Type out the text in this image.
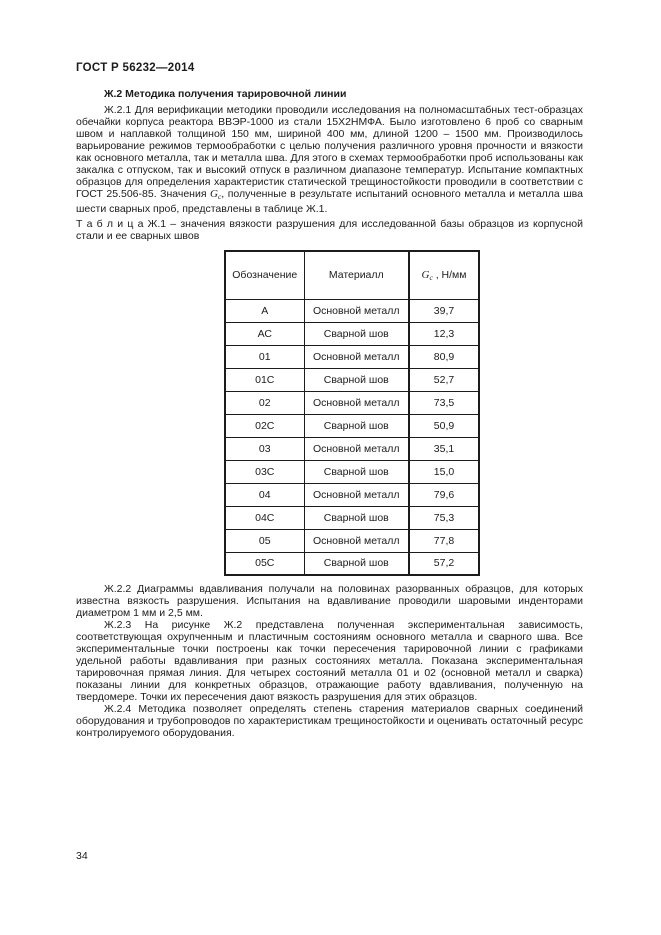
ГОСТ Р 56232—2014
Ж.2 Методика получения тарировочной линии

Ж.2.1 Для верификации методики проводили исследования на полномасштабных тест-образцах обечайки корпуса реактора ВВЭР-1000 из стали 15Х2НМФА. Было изготовлено 6 проб со сварным швом и наплавкой толщиной 150 мм, шириной 400 мм, длиной 1200 – 1500 мм. Производилось варьирование режимов термообработки с целью получения различного уровня прочности и вязкости как основного металла, так и металла шва. Для этого в схемах термообработки проб использованы как закалка с отпуском, так и высокий отпуск в различном диапазоне температур. Испытание компактных образцов для определения характеристик статической трещиностойкости проводили в соответствии с ГОСТ 25.506-85. Значения $G_с$, полученные в результате испытаний основного металла и металла шва шести сварных проб, представлены в таблице Ж.1.

Т а б л и ц а Ж.1 – значения вязкости разрушения для исследованной базы образцов из корпусной стали и ее сварных швов

Обозначение	Материалл	$G_с$ , Н/мм
А	Основной металл	39,7
АС	Сварной шов	12,3
01	Основной металл	80,9
01С	Сварной шов	52,7
02	Основной металл	73,5
02С	Сварной шов	50,9
03	Основной металл	35,1
03С	Сварной шов	15,0
04	Основной металл	79,6
04С	Сварной шов	75,3
05	Основной металл	77,8
05С	Сварной шов	57,2

Ж.2.2 Диаграммы вдавливания получали на половинах разорванных образцов, для которых известна вязкость разрушения. Испытания на вдавливание проводили шаровыми инденторами диаметром 1 мм и 2,5 мм.

Ж.2.3 На рисунке Ж.2 представлена полученная экспериментальная зависимость, соответствующая охрупченным и пластичным состояниям основного металла и сварного шва. Все экспериментальные точки построены как точки пересечения тарировочной линии с графиками удельной работы вдавливания при разных состояниях металла. Показана экспериментальная тарировочная прямая линия. Для четырех состояний металла 01 и 02 (основной металл и сварка) показаны линии для конкретных образцов, отражающие работу вдавливания, полученную на твердомере. Точки их пересечения дают вязкость разрушения для этих образцов.

Ж.2.4 Методика позволяет определять степень старения материалов сварных соединений оборудования и трубопроводов по характеристикам трещиностойкости и оценивать остаточный ресурс контролируемого оборудования.

34
